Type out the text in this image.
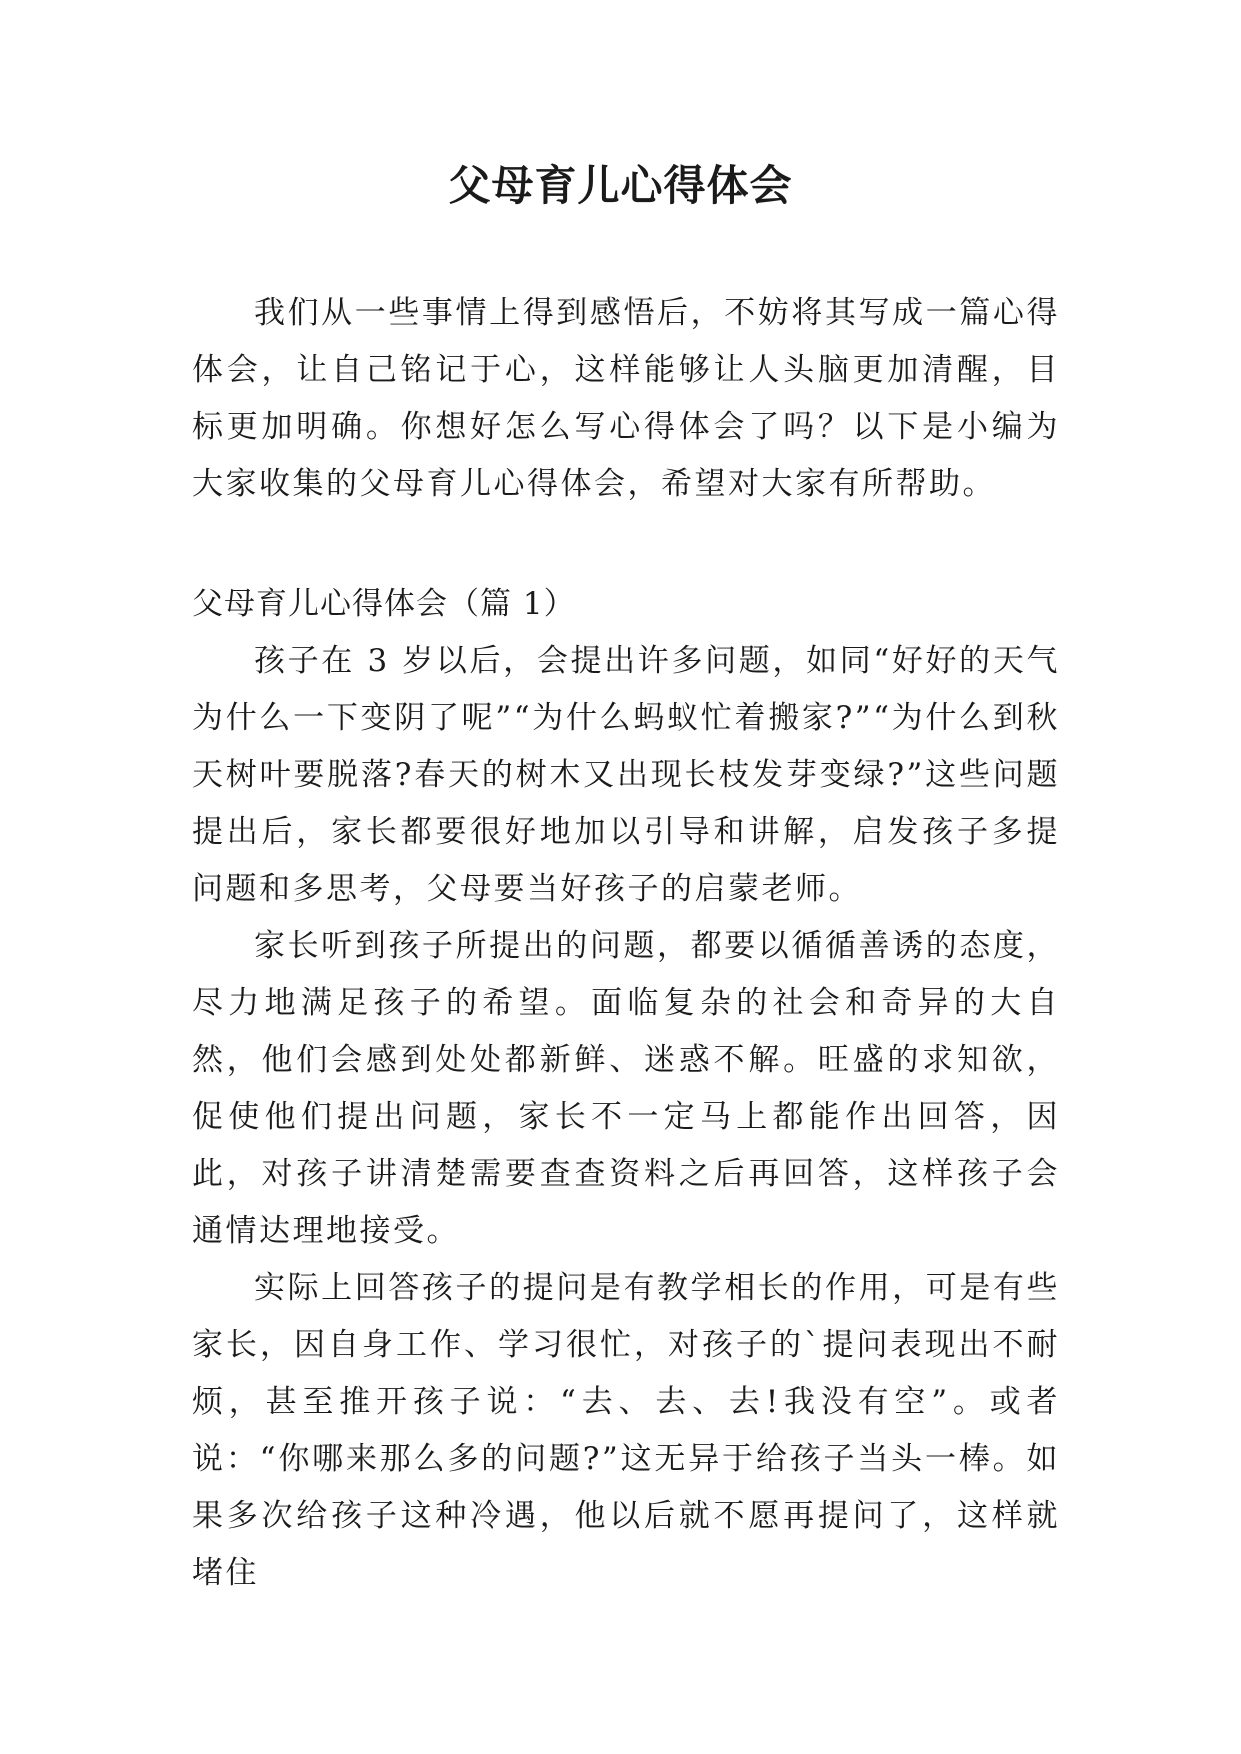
父母育儿心得体会

我们从一些事情上得到感悟后，不妨将其写成一篇心得体会，让自己铭记于心，这样能够让人头脑更加清醒，目标更加明确。你想好怎么写心得体会了吗？以下是小编为大家收集的父母育儿心得体会，希望对大家有所帮助。

父母育儿心得体会（篇 1）

孩子在 3 岁以后，会提出许多问题，如同“好好的天气为什么一下变阴了呢”“为什么蚂蚁忙着搬家?”“为什么到秋天树叶要脱落?春天的树木又出现长枝发芽变绿?”这些问题提出后，家长都要很好地加以引导和讲解，启发孩子多提问题和多思考，父母要当好孩子的启蒙老师。

家长听到孩子所提出的问题，都要以循循善诱的态度，尽力地满足孩子的希望。面临复杂的社会和奇异的大自然，他们会感到处处都新鲜、迷惑不解。旺盛的求知欲，促使他们提出问题，家长不一定马上都能作出回答，因此，对孩子讲清楚需要查查资料之后再回答，这样孩子会通情达理地接受。

实际上回答孩子的提问是有教学相长的作用，可是有些家长，因自身工作、学习很忙，对孩子的`提问表现出不耐烦，甚至推开孩子说：“去、去、去!我没有空”。或者说：“你哪来那么多的问题?”这无异于给孩子当头一棒。如果多次给孩子这种冷遇，他以后就不愿再提问了，这样就堵住
